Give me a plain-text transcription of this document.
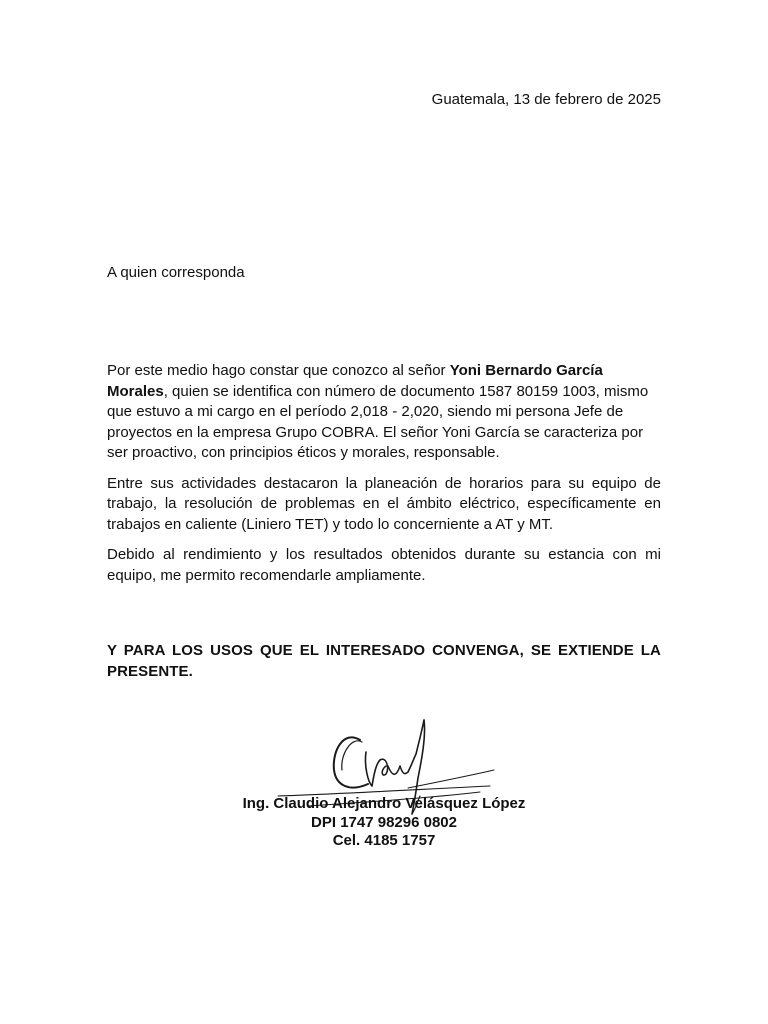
Guatemala, 13 de febrero de 2025
A quien corresponda

Por este medio hago constar que conozco al señor Yoni Bernardo García Morales, quien se identifica con número de documento 1587 80159 1003, mismo que estuvo a mi cargo en el período 2,018 - 2,020, siendo mi persona Jefe de proyectos en la empresa Grupo COBRA. El señor Yoni García se caracteriza por ser proactivo, con principios éticos y morales, responsable.

Entre sus actividades destacaron la planeación de horarios para su equipo de trabajo, la resolución de problemas en el ámbito eléctrico, específicamente en trabajos en caliente (Liniero TET) y todo lo concerniente a AT y MT.

Debido al rendimiento y los resultados obtenidos durante su estancia con mi equipo, me permito recomendarle ampliamente.

Y PARA LOS USOS QUE EL INTERESADO CONVENGA, SE EXTIENDE LA PRESENTE.
Ing. Claudio Alejandro Velásquez López
DPI 1747 98296 0802
Cel. 4185 1757
